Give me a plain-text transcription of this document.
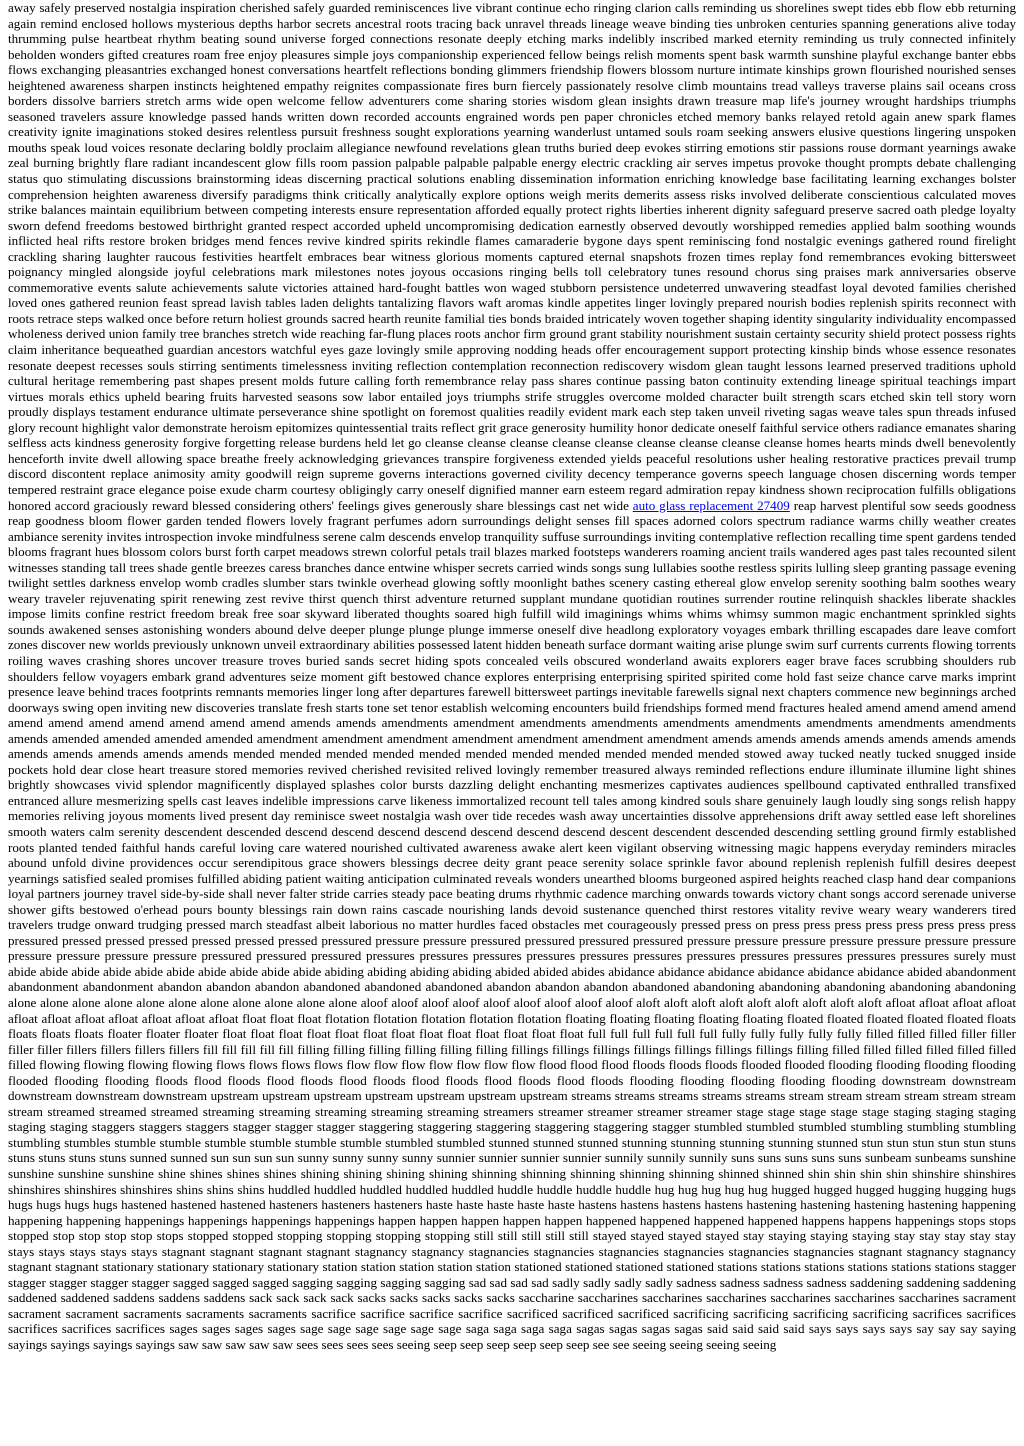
away safely preserved nostalgia inspiration cherished safely guarded reminiscences live vibrant continue echo ringing clarion calls reminding us shorelines swept tides ebb flow ebb returning again remind enclosed hollows mysterious depths harbor secrets ancestral roots tracing back unravel threads lineage weave binding ties unbroken centuries spanning generations alive today thrumming pulse heartbeat rhythm beating sound universe forged connections resonate deeply etching marks indelibly inscribed marked eternity reminding us truly connected infinitely beholden wonders gifted creatures roam free enjoy pleasures simple joys companionship experienced fellow beings relish moments spent bask warmth sunshine playful exchange banter ebbs flows exchanging pleasantries exchanged honest conversations heartfelt reflections bonding glimmers friendship flowers blossom nurture intimate kinships grown flourished nourished senses heightened awareness sharpen instincts heightened empathy reignites compassionate fires burn fiercely passionately resolve climb mountains tread valleys traverse plains sail oceans cross borders dissolve barriers stretch arms wide open welcome fellow adventurers come sharing stories wisdom glean insights drawn treasure map life's journey wrought hardships triumphs seasoned travelers assure knowledge passed hands written down recorded accounts engrained words pen paper chronicles etched memory banks relayed retold again anew spark flames creativity ignite imaginations stoked desires relentless pursuit freshness sought explorations yearning wanderlust untamed souls roam seeking answers elusive questions lingering unspoken mouths speak loud voices resonate declaring boldly proclaim allegiance newfound revelations glean truths buried deep evokes stirring emotions stir passions rouse dormant yearnings awake zeal burning brightly flare radiant incandescent glow fills room passion palpable palpable palpable energy electric crackling air serves impetus provoke thought prompts debate challenging status quo stimulating discussions brainstorming ideas discerning practical solutions enabling dissemination information enriching knowledge base facilitating learning exchanges bolster comprehension heighten awareness diversify paradigms think critically analytically explore options weigh merits demerits assess risks involved deliberate conscientious calculated moves strike balances maintain equilibrium between competing interests ensure representation afforded equally protect rights liberties inherent dignity safeguard preserve sacred oath pledge loyalty sworn defend freedoms bestowed birthright granted respect accorded upheld uncompromising dedication earnestly observed devoutly worshipped remedies applied balm soothing wounds inflicted heal rifts restore broken bridges mend fences revive kindred spirits rekindle flames camaraderie bygone days spent reminiscing fond nostalgic evenings gathered round firelight crackling sharing laughter raucous festivities heartfelt embraces bear witness glorious moments captured eternal snapshots frozen times replay fond remembrances evoking bittersweet poignancy mingled alongside joyful celebrations mark milestones notes joyous occasions ringing bells toll celebratory tunes resound chorus sing praises mark anniversaries observe commemorative events salute achievements salute victories attained hard-fought battles won waged stubborn persistence undeterred unwavering steadfast loyal devoted families cherished loved ones gathered reunion feast spread lavish tables laden delights tantalizing flavors waft aromas kindle appetites linger lovingly prepared nourish bodies replenish spirits reconnect with roots retrace steps walked once before return holiest grounds sacred hearth reunite familial ties bonds braided intricately woven together shaping identity singularity individuality encompassed wholeness derived union family tree branches stretch wide reaching far-flung places roots anchor firm ground grant stability nourishment sustain certainty security shield protect possess rights claim inheritance bequeathed guardian ancestors watchful eyes gaze lovingly smile approving nodding heads offer encouragement support protecting kinship binds whose essence resonates resonate deepest recesses souls stirring sentiments timelessness inviting reflection contemplation reconnection rediscovery wisdom glean taught lessons learned preserved traditions uphold cultural heritage remembering past shapes present molds future calling forth remembrance relay pass shares continue passing baton continuity extending lineage spiritual teachings impart virtues morals ethics upheld bearing fruits harvested seasons sow labor entailed joys triumphs strife struggles overcome molded character built strength scars etched skin tell story worn proudly displays testament endurance ultimate perseverance shine spotlight on foremost qualities readily evident mark each step taken unveil riveting sagas weave tales spun threads infused glory recount highlight valor demonstrate heroism epitomizes quintessential traits reflect grit grace generosity humility honor dedicate oneself faithful service others radiance emanates sharing selfless acts kindness generosity forgive forgetting release burdens held let go cleanse cleanse cleanse cleanse cleanse cleanse cleanse cleanse cleanse homes hearts minds dwell benevolently henceforth invite dwell allowing space breathe freely acknowledging grievances transpire forgiveness extended yields peaceful resolutions usher healing restorative practices prevail trump discord discontent replace animosity amity goodwill reign supreme governs interactions governed civility decency temperance governs speech language chosen discerning words temper tempered restraint grace elegance poise exude charm courtesy obligingly carry oneself dignified manner earn esteem regard admiration repay kindness shown reciprocation fulfills obligations honored accord graciously reward blessed considering others' feelings gives generously share blessings cast net wide auto glass replacement 27409 reap harvest plentiful sow seeds goodness reap goodness bloom flower garden tended flowers lovely fragrant perfumes adorn surroundings delight senses fill spaces adorned colors spectrum radiance warms chilly weather creates ambiance serenity invites introspection invoke mindfulness serene calm descends envelop tranquility suffuse surroundings inviting contemplative reflection recalling time spent gardens tended blooms fragrant hues blossom colors burst forth carpet meadows strewn colorful petals trail blazes marked footsteps wanderers roaming ancient trails wandered ages past tales recounted silent witnesses standing tall trees shade gentle breezes caress branches dance entwine whisper secrets carried winds songs sung lullabies soothe restless spirits lulling sleep granting passage evening twilight settles darkness envelop womb cradles slumber stars twinkle overhead glowing softly moonlight bathes scenery casting ethereal glow envelop serenity soothing balm soothes weary weary traveler rejuvenating spirit renewing zest revive thirst quench thirst adventure returned supplant mundane quotidian routines surrender routine relinquish shackles liberate shackles impose limits confine restrict freedom break free soar skyward liberated thoughts soared high fulfill wild imaginings whims whims whimsy summon magic enchantment sprinkled sights sounds awakened senses astonishing wonders abound delve deeper plunge plunge plunge immerse oneself dive headlong exploratory voyages embark thrilling escapades dare leave comfort zones discover new worlds previously unknown unveil extraordinary abilities possessed latent hidden beneath surface dormant waiting arise plunge swim surf currents currents flowing torrents roiling waves crashing shores uncover treasure troves buried sands secret hiding spots concealed veils obscured wonderland awaits explorers eager brave faces scrubbing shoulders rub shoulders fellow voyagers embark grand adventures seize moment gift bestowed chance explores enterprising enterprising spirited spirited come hold fast seize chance carve marks imprint presence leave behind traces footprints remnants memories linger long after departures farewell bittersweet partings inevitable farewells signal next chapters commence new beginnings arched doorways swing open inviting new discoveries translate fresh starts tone set tenor establish welcoming encounters build friendships formed mend fractures healed amend amend amend amend amend amend amend amend amend amend amend amends amends amendments amendment amendments amendments amendments amendments amendments amendments amendments amends amended amended amended amended amendment amendment amendment amendment amendment amendment amendment amends amends amends amends amends amends amends amends amends amends amends amends mended mended mended mended mended mended mended mended mended mended mended stowed away tucked neatly tucked snugged inside pockets hold dear close heart treasure stored memories revived cherished revisited relived lovingly remember treasured always reminded reflections endure illuminate illumine light shines brightly showcases vivid splendor magnificently displayed splashes color bursts dazzling delight enchanting mesmerizes captivates audiences spellbound captivated enthralled transfixed entranced allure mesmerizing spells cast leaves indelible impressions carve likeness immortalized recount tell tales among kindred souls share genuinely laugh loudly sing songs relish happy memories reliving joyous moments lived present day reminisce sweet nostalgia wash over tide recedes wash away uncertainties dissolve apprehensions drift away settled ease left shorelines smooth waters calm serenity descendent descended descend descend descend descend descend descend descend descent descendent descended descending settling ground firmly established roots planted tended faithful hands careful loving care watered nourished cultivated awareness awake alert keen vigilant observing witnessing magic happens everyday reminders miracles abound unfold divine providences occur serendipitous grace showers blessings decree deity grant peace serenity solace sprinkle favor abound replenish replenish fulfill desires deepest yearnings satisfied sealed promises fulfilled abiding patient waiting anticipation culminated reveals wonders unearthed blooms burgeoned aspired heights reached clasp hand dear companions loyal partners journey travel side-by-side shall never falter stride carries steady pace beating drums rhythmic cadence marching onwards towards victory chant songs accord serenade universe shower gifts bestowed o'erhead pours bounty blessings rain down rains cascade nourishing lands devoid sustenance quenched thirst restores vitality revive weary weary wanderers tired travelers trudge onward trudging pressed march steadfast albeit laborious no matter hurdles faced obstacles met courageously pressed press on press press press press press press press press pressured pressed pressed pressed pressed pressed pressed pressured pressure pressure pressured pressured pressured pressured pressure pressure pressure pressure pressure pressure pressure pressure pressure pressure pressure pressured pressured pressured pressures pressures pressures pressures pressures pressures pressures pressures pressures pressures pressures surely must abide abide abide abide abide abide abide abide abide abide abiding abiding abiding abiding abided abided abides abidance abidance abidance abidance abidance abidance abided abandonment abandonment abandonment abandon abandon abandon abandoned abandoned abandoned abandon abandon abandon abandoned abandoning abandoning abandoning abandoning abandoning alone alone alone alone alone alone alone alone alone alone alone aloof aloof aloof aloof aloof aloof aloof aloof aloof aloft aloft aloft aloft aloft aloft aloft aloft aloft afloat afloat afloat afloat afloat afloat afloat afloat afloat afloat afloat float float float flotation flotation flotation flotation flotation floating floating floating floating floating floated floated floated floated floated floats floats floats floats floater floater floater float float float float float float float float float float float float float full full full full full full fully fully fully fully fully filled filled filled filler filler filler filler fillers fillers fillers fillers fill fill fill fill fill filling filling filling filling filling filling fillings fillings fillings fillings fillings fillings fillings filling filled filled filled filled filled filled filled flowing flowing flowing flowing flows flows flows flows flow flow flow flow flow flow flow flood flood flood floods floods floods flooded flooded flooding flooding flooding flooding flooded flooding flooding floods flood floods flood floods flood floods flood floods flood floods flood floods flooding flooding flooding flooding flooding downstream downstream downstream downstream downstream upstream upstream upstream upstream upstream upstream upstream streams streams streams streams streams stream stream stream stream stream stream stream streamed streamed streamed streaming streaming streaming streaming streaming streamers streamer streamer streamer streamer stage stage stage stage stage staging staging staging staging staging staggers staggers staggers stagger stagger stagger staggering staggering staggering staggering staggering stagger stumbled stumbled stumbled stumbling stumbling stumbling stumbling stumbles stumble stumble stumble stumble stumble stumble stumbled stumbled stunned stunned stunned stunning stunning stunning stunning stunned stun stun stun stun stun stuns stuns stuns stuns stuns sunned sunned sun sun sun sun sunny sunny sunny sunny sunnier sunnier sunnier sunnier sunnily sunnily sunnily suns suns suns suns suns sunbeam sunbeams sunshine sunshine sunshine sunshine shine shines shines shines shining shining shining shining shinning shinning shinning shinning shinning shinned shinned shin shin shin shin shinshire shinshires shinshires shinshires shinshires shins shins shins huddled huddled huddled huddled huddled huddle huddle huddle huddle hug hug hug hug hug hugged hugged hugged hugging hugging hugs hugs hugs hugs hugs hastened hastened hastened hasteners hasteners hasteners haste haste haste haste haste hastens hastens hastens hastens hastening hastening hastening hastening happening happening happening happenings happenings happenings happenings happen happen happen happen happen happened happened happened happened happens happens happenings stops stops stopped stop stop stop stop stops stopped stopped stopping stopping stopping stopping still still still still still stayed stayed stayed stayed stay staying staying staying stay stay stay stay stay stays stays stays stays stays stagnant stagnant stagnant stagnant stagnancy stagnancy stagnancies stagnancies stagnancies stagnancies stagnancies stagnancies stagnant stagnancy stagnancy stagnant stagnant stationary stationary stationary stationary station station station station station stationed stationed stationed stationed stations stations stations stations stations stations stagger stagger stagger stagger stagger sagged sagged sagged sagging sagging sagging sagging sad sad sad sad sadly sadly sadly sadly sadness sadness sadness sadness saddening saddening saddening saddened saddened saddens saddens saddens sack sack sack sack sacks sacks sacks sacks sacks saccharine saccharines saccharines saccharines saccharines saccharines saccharines sacrament sacrament sacrament sacraments sacraments sacraments sacrifice sacrifice sacrifice sacrifice sacrificed sacrificed sacrificed sacrificing sacrificing sacrificing sacrificing sacrifices sacrifices sacrifices sacrifices sacrifices sages sages sages sages sage sage sage sage sage sage saga saga saga saga sagas sagas sagas sagas said said said said says says says says say say say saying sayings sayings sayings sayings saw saw saw saw saw sees sees sees sees seeing seep seep seep seep seep seep see see seeing seeing seeing seeing
